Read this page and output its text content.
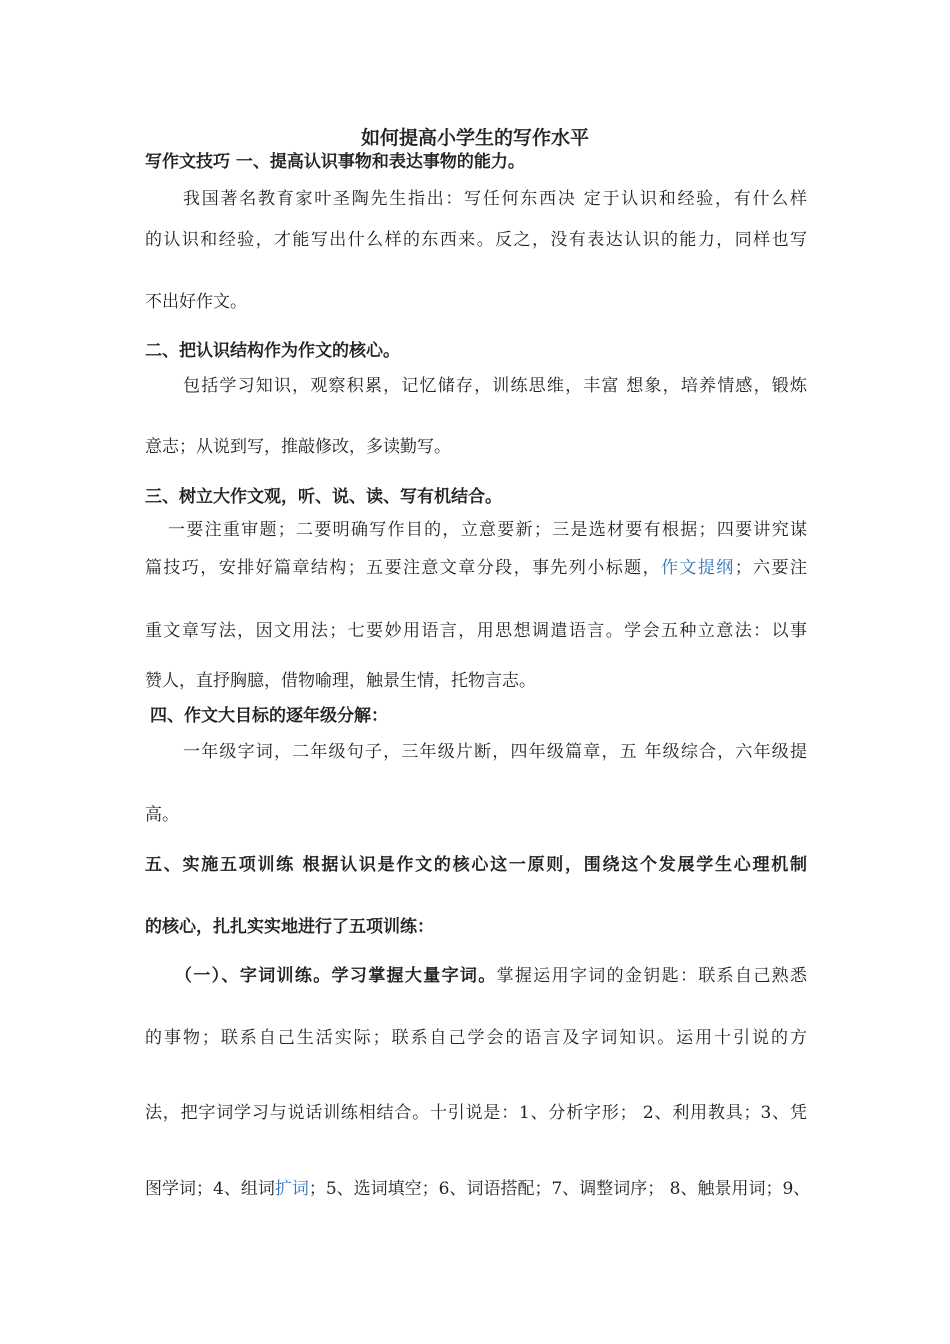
如何提高小学生的写作水平
写作文技巧 一、提高认识事物和表达事物的能力。
我国著名教育家叶圣陶先生指出：写任何东西决 定于认识和经验，有什么样
的认识和经验，才能写出什么样的东西来。反之，没有表达认识的能力，同样也写
不出好作文。
二、把认识结构作为作文的核心。
包括学习知识，观察积累，记忆储存，训练思维，丰富 想象，培养情感，锻炼
意志；从说到写，推敲修改，多读勤写。
三、树立大作文观，听、说、读、写有机结合。
一要注重审题；二要明确写作目的，立意要新；三是选材要有根据；四要讲究谋
篇技巧，安排好篇章结构；五要注意文章分段，事先列小标题，作文提纲；六要注
重文章写法，因文用法；七要妙用语言，用思想调遣语言。学会五种立意法：以事
赞人，直抒胸臆，借物喻理，触景生情，托物言志。
四、作文大目标的逐年级分解：
一年级字词，二年级句子，三年级片断，四年级篇章，五 年级综合，六年级提
高。
五、实施五项训练 根据认识是作文的核心这一原则，围绕这个发展学生心理机制
的核心，扎扎实实地进行了五项训练：
（一）、字词训练。学习掌握大量字词。掌握运用字词的金钥匙：联系自己熟悉
的事物；联系自己生活实际；联系自己学会的语言及字词知识。运用十引说的方
法，把字词学习与说话训练相结合。十引说是：1、分析字形； 2、利用教具；3、凭
图学词；4、组词扩词；5、选词填空；6、词语搭配；7、调整词序； 8、触景用词；9、
